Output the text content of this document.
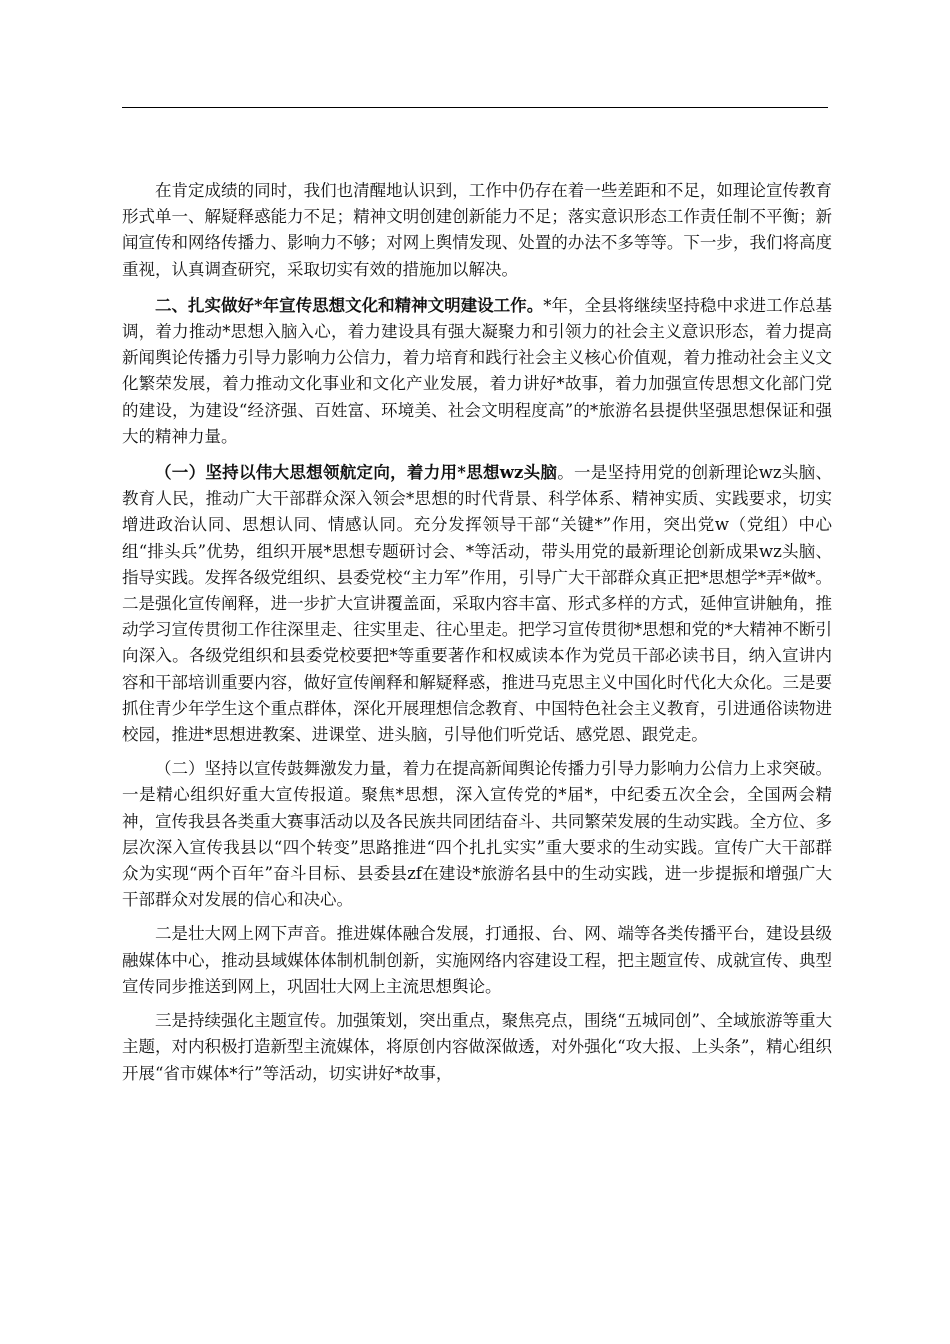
在肯定成绩的同时，我们也清醒地认识到，工作中仍存在着一些差距和不足，如理论宣传教育形式单一、解疑释惑能力不足；精神文明创建创新能力不足；落实意识形态工作责任制不平衡；新闻宣传和网络传播力、影响力不够；对网上舆情发现、处置的办法不多等等。下一步，我们将高度重视，认真调查研究，采取切实有效的措施加以解决。

二、扎实做好*年宣传思想文化和精神文明建设工作。*年，全县将继续坚持稳中求进工作总基调，着力推动*思想入脑入心，着力建设具有强大凝聚力和引领力的社会主义意识形态，着力提高新闻舆论传播力引导力影响力公信力，着力培育和践行社会主义核心价值观，着力推动社会主义文化繁荣发展，着力推动文化事业和文化产业发展，着力讲好*故事，着力加强宣传思想文化部门党的建设，为建设“经济强、百姓富、环境美、社会文明程度高”的*旅游名县提供坚强思想保证和强大的精神力量。

（一）坚持以伟大思想领航定向，着力用*思想wz头脑。一是坚持用党的创新理论wz头脑、教育人民，推动广大干部群众深入领会*思想的时代背景、科学体系、精神实质、实践要求，切实增进政治认同、思想认同、情感认同。充分发挥领导干部“关键*”作用，突出党w（党组）中心组“排头兵”优势，组织开展*思想专题研讨会、*等活动，带头用党的最新理论创新成果wz头脑、指导实践。发挥各级党组织、县委党校“主力军”作用，引导广大干部群众真正把*思想学*弄*做*。二是强化宣传阐释，进一步扩大宣讲覆盖面，采取内容丰富、形式多样的方式，延伸宣讲触角，推动学习宣传贯彻工作往深里走、往实里走、往心里走。把学习宣传贯彻*思想和党的*大精神不断引向深入。各级党组织和县委党校要把*等重要著作和权威读本作为党员干部必读书目，纳入宣讲内容和干部培训重要内容，做好宣传阐释和解疑释惑，推进马克思主义中国化时代化大众化。三是要抓住青少年学生这个重点群体，深化开展理想信念教育、中国特色社会主义教育，引进通俗读物进校园，推进*思想进教案、进课堂、进头脑，引导他们听党话、感党恩、跟党走。

（二）坚持以宣传鼓舞激发力量，着力在提高新闻舆论传播力引导力影响力公信力上求突破。一是精心组织好重大宣传报道。聚焦*思想，深入宣传党的*届*，中纪委五次全会，全国两会精神，宣传我县各类重大赛事活动以及各民族共同团结奋斗、共同繁荣发展的生动实践。全方位、多层次深入宣传我县以“四个转变”思路推进“四个扎扎实实”重大要求的生动实践。宣传广大干部群众为实现“两个百年”奋斗目标、县委县zf在建设*旅游名县中的生动实践，进一步提振和增强广大干部群众对发展的信心和决心。

二是壮大网上网下声音。推进媒体融合发展，打通报、台、网、端等各类传播平台，建设县级融媒体中心，推动县域媒体体制机制创新，实施网络内容建设工程，把主题宣传、成就宣传、典型宣传同步推送到网上，巩固壮大网上主流思想舆论。

三是持续强化主题宣传。加强策划，突出重点，聚焦亮点，围绕“五城同创”、全域旅游等重大主题，对内积极打造新型主流媒体，将原创内容做深做透，对外强化“攻大报、上头条”，精心组织开展“省市媒体*行”等活动，切实讲好*故事，
